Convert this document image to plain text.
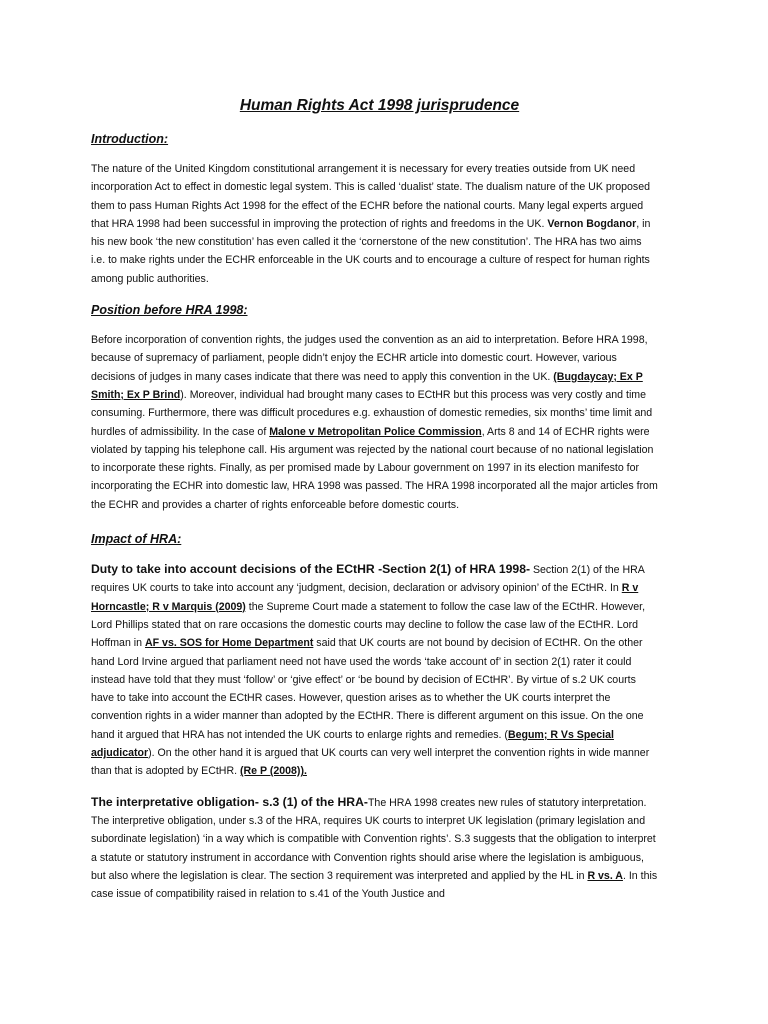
Human Rights Act 1998 jurisprudence
Introduction:

The nature of the United Kingdom constitutional arrangement it is necessary for every treaties outside from UK need incorporation Act to effect in domestic legal system. This is called ‘dualist’ state. The dualism nature of the UK proposed them to pass Human Rights Act 1998 for the effect of the ECHR before the national courts. Many legal experts argued that HRA 1998 had been successful in improving the protection of rights and freedoms in the UK. Vernon Bogdanor, in his new book ‘the new constitution’ has even called it the ‘cornerstone of the new constitution’. The HRA has two aims i.e. to make rights under the ECHR enforceable in the UK courts and to encourage a culture of respect for human rights among public authorities.

Position before HRA 1998:

Before incorporation of convention rights, the judges used the convention as an aid to interpretation. Before HRA 1998, because of supremacy of parliament, people didn’t enjoy the ECHR article into domestic court. However, various decisions of judges in many cases indicate that there was need to apply this convention in the UK. (Bugdaycay; Ex P Smith; Ex P Brind). Moreover, individual had brought many cases to ECtHR but this process was very costly and time consuming. Furthermore, there was difficult procedures e.g. exhaustion of domestic remedies, six months’ time limit and hurdles of admissibility. In the case of Malone v Metropolitan Police Commission, Arts 8 and 14 of ECHR rights were violated by tapping his telephone call. His argument was rejected by the national court because of no national legislation to incorporate these rights. Finally, as per promised made by Labour government on 1997 in its election manifesto for incorporating the ECHR into domestic law, HRA 1998 was passed. The HRA 1998 incorporated all the major articles from the ECHR and provides a charter of rights enforceable before domestic courts.

Impact of HRA:

Duty to take into account decisions of the ECtHR -Section 2(1) of HRA 1998- Section 2(1) of the HRA requires UK courts to take into account any ‘judgment, decision, declaration or advisory opinion’ of the ECtHR. In R v Horncastle; R v Marquis (2009) the Supreme Court made a statement to follow the case law of the ECtHR. However, Lord Phillips stated that on rare occasions the domestic courts may decline to follow the case law of the ECtHR. Lord Hoffman in AF vs. SOS for Home Department said that UK courts are not bound by decision of ECtHR. On the other hand Lord Irvine argued that parliament need not have used the words ‘take account of’ in section 2(1) rater it could instead have told that they must ‘follow’ or ‘give effect’ or ‘be bound by decision of ECtHR’. By virtue of s.2 UK courts have to take into account the ECtHR cases. However, question arises as to whether the UK courts interpret the convention rights in a wider manner than adopted by the ECtHR. There is different argument on this issue. On the one hand it argued that HRA has not intended the UK courts to enlarge rights and remedies. (Begum; R Vs Special adjudicator). On the other hand it is argued that UK courts can very well interpret the convention rights in wide manner than that is adopted by ECtHR. (Re P (2008)).

The interpretative obligation- s.3 (1) of the HRA-The HRA 1998 creates new rules of statutory interpretation. The interpretive obligation, under s.3 of the HRA, requires UK courts to interpret UK legislation (primary legislation and subordinate legislation) ‘in a way which is compatible with Convention rights’. S.3 suggests that the obligation to interpret a statute or statutory instrument in accordance with Convention rights should arise where the legislation is ambiguous, but also where the legislation is clear. The section 3 requirement was interpreted and applied by the HL in R vs. A. In this case issue of compatibility raised in relation to s.41 of the Youth Justice and
